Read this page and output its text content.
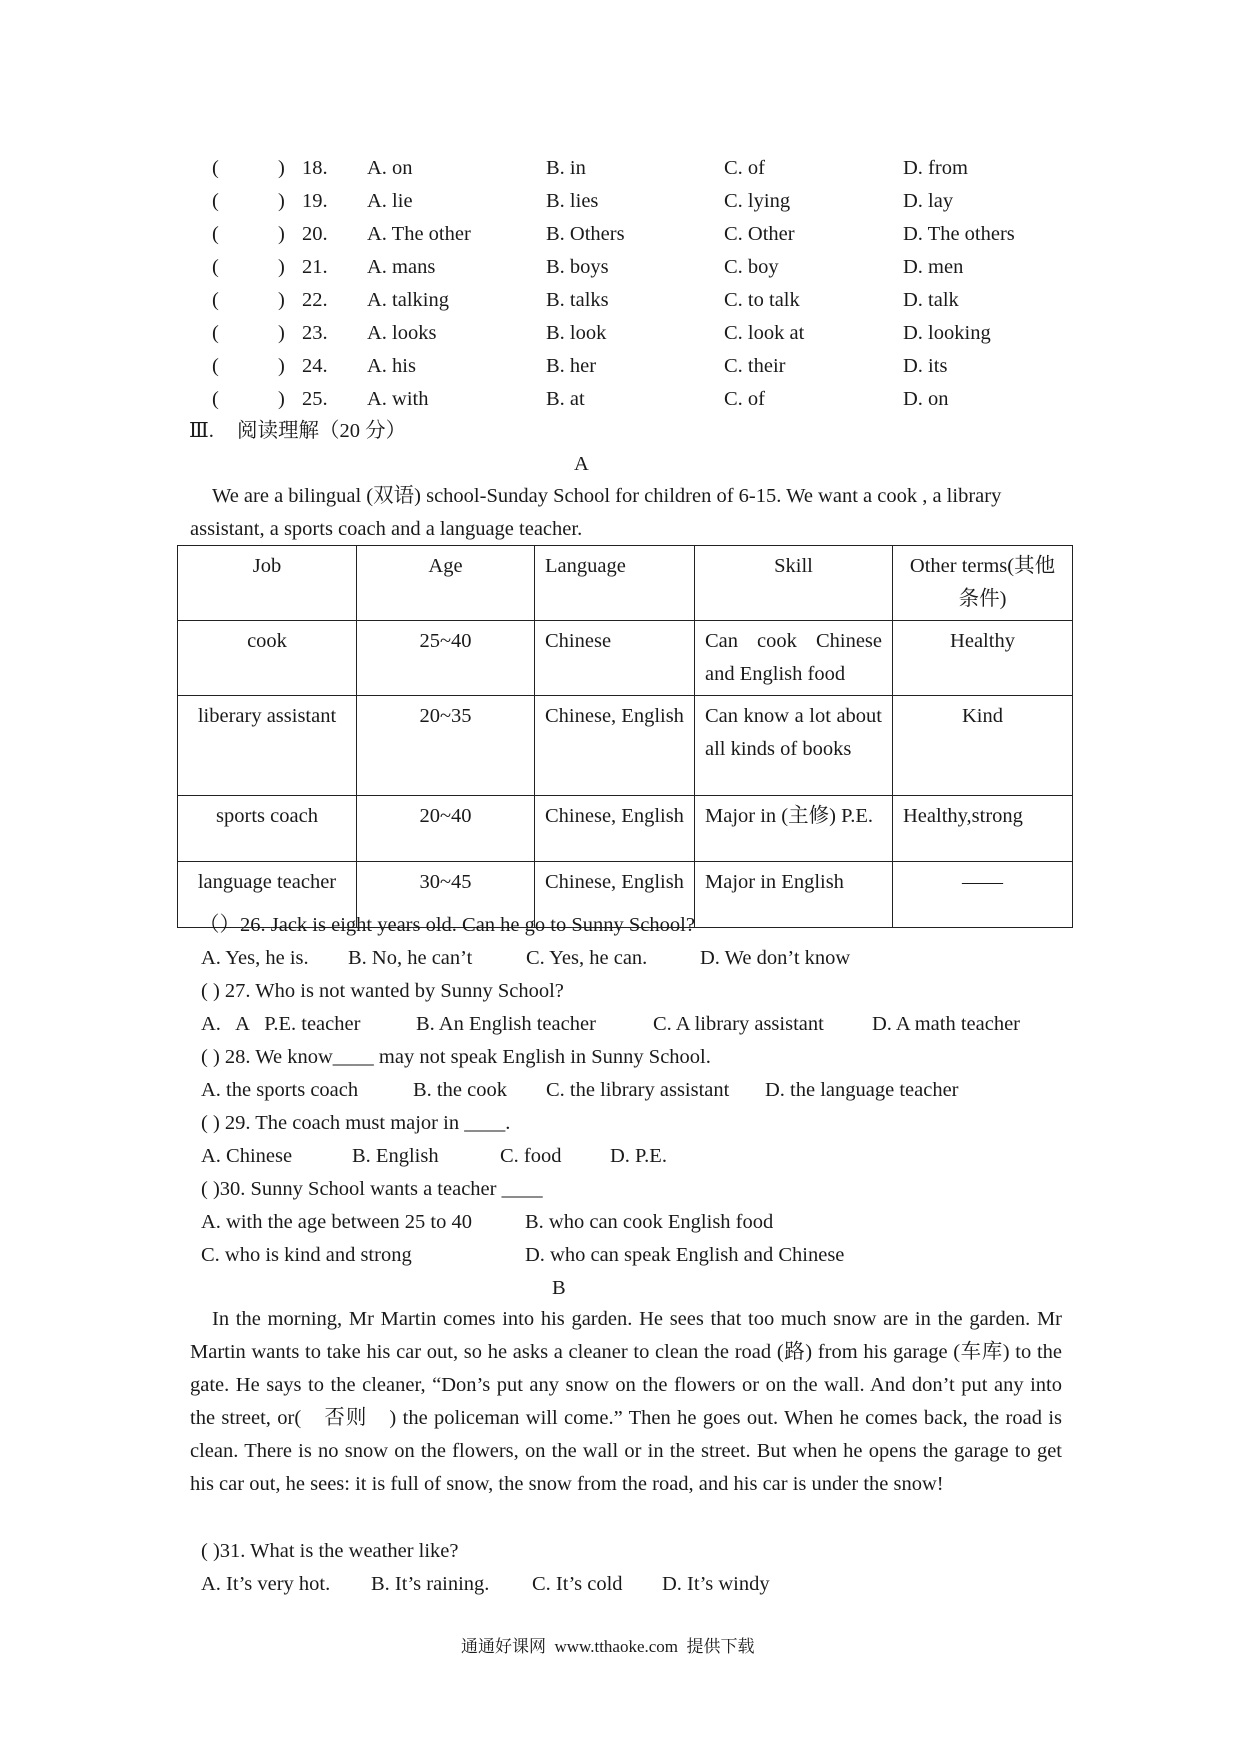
(	) 18. A. on	B. in	C. of	D. from
(	) 19. A. lie	B. lies	C. lying	D. lay
(	) 20. A. The other	B. Others	C. Other	D. The others
(	) 21. A. mans	B. boys	C. boy	D. men
(	) 22. A. talking	B. talks	C. to talk	D. talk
(	) 23. A. looks	B. look	C. look at	D. looking
(	) 24. A. his	B. her	C. their	D. its
(	) 25. A. with	B. at	C. of	D. on
Ⅲ. 阅读理解（20 分）
A
We are a bilingual (双语) school-Sunday School for children of 6-15. We want a cook , a library
assistant, a sports coach and a language teacher.
Job	Age	Language	Skill	Other terms(其他条件)
cook	25~40	Chinese	Can cook Chinese and English food	Healthy
liberary assistant	20~35	Chinese, English	Can know a lot about all kinds of books	Kind
sports coach	20~40	Chinese, English	Major in (主修) P.E.	Healthy,strong
language teacher	30~45	Chinese, English	Major in English	——
（）26. Jack is eight years old. Can he go to Sunny School?
A. Yes, he is. B. No, he can’t	C. Yes, he can.	D. We don’t know
( ) 27. Who is not wanted by Sunny School?
A.   A   P.E. teacher	B. An English teacher	C. A library assistant D. A math teacher
( ) 28. We know____ may not speak English in Sunny School.
A. the sports coach	B. the cook C. the library assistant D. the language teacher
( ) 29. The coach must major in ____.
A. Chinese	B. English	C. food D. P.E.
( )30. Sunny School wants a teacher ____
A. with the age between 25 to 40	B. who can cook English food
C. who is kind and strong	D. who can speak English and Chinese
B
In the morning, Mr Martin comes into his garden. He sees that too much snow are in the garden. Mr Martin wants to take his car out, so he asks a cleaner to clean the road (路) from his garage (车库) to the gate. He says to the cleaner, “Don’s put any snow on the flowers or on the wall. And don’t put any into the street, or(　否则　) the policeman will come.” Then he goes out. When he comes back, the road is clean. There is no snow on the flowers, on the wall or in the street. But when he opens the garage to get his car out, he sees: it is full of snow, the snow from the road, and his car is under the snow!
( )31. What is the weather like?
A. It’s very hot. B. It’s raining. C. It’s cold D. It’s windy
通通好课网  www.tthaoke.com  提供下载
